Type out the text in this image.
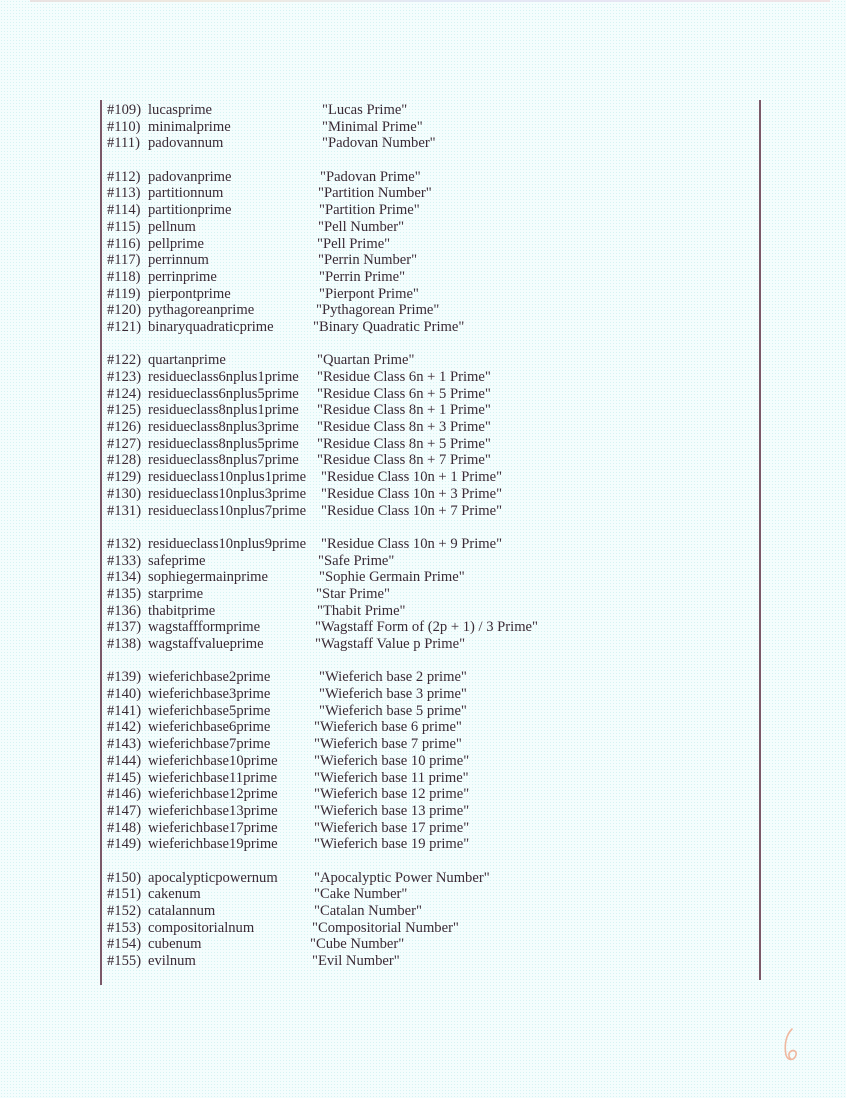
#109) lucasprime	"Lucas Prime"
#110) minimalprime	"Minimal Prime"
#111) padovannum	"Padovan Number"
#112) padovanprime	"Padovan Prime"
#113) partitionnum	"Partition Number"
#114) partitionprime	"Partition Prime"
#115) pellnum	"Pell Number"
#116) pellprime	"Pell Prime"
#117) perrinnum	"Perrin Number"
#118) perrinprime	"Perrin Prime"
#119) pierpontprime	"Pierpont Prime"
#120) pythagoreanprime	"Pythagorean Prime"
#121) binaryquadraticprime	"Binary Quadratic Prime"
#122) quartanprime	"Quartan Prime"
#123) residueclass6nplus1prime "Residue Class 6n + 1 Prime"
#124) residueclass6nplus5prime "Residue Class 6n + 5 Prime"
#125) residueclass8nplus1prime "Residue Class 8n + 1 Prime"
#126) residueclass8nplus3prime "Residue Class 8n + 3 Prime"
#127) residueclass8nplus5prime "Residue Class 8n + 5 Prime"
#128) residueclass8nplus7prime "Residue Class 8n + 7 Prime"
#129) residueclass10nplus1prime "Residue Class 10n + 1 Prime"
#130) residueclass10nplus3prime "Residue Class 10n + 3 Prime"
#131) residueclass10nplus7prime "Residue Class 10n + 7 Prime"
#132) residueclass10nplus9prime "Residue Class 10n + 9 Prime"
#133) safeprime	"Safe Prime"
#134) sophiegermainprime	"Sophie Germain Prime"
#135) starprime	"Star Prime"
#136) thabitprime	"Thabit Prime"
#137) wagstaffformprime	"Wagstaff Form of (2p + 1) / 3 Prime"
#138) wagstaffvalueprime	"Wagstaff Value p Prime"
#139) wieferichbase2prime	"Wieferich base 2 prime"
#140) wieferichbase3prime	"Wieferich base 3 prime"
#141) wieferichbase5prime	"Wieferich base 5 prime"
#142) wieferichbase6prime	"Wieferich base 6 prime"
#143) wieferichbase7prime	"Wieferich base 7 prime"
#144) wieferichbase10prime "Wieferich base 10 prime"
#145) wieferichbase11prime	"Wieferich base 11 prime"
#146) wieferichbase12prime "Wieferich base 12 prime"
#147) wieferichbase13prime "Wieferich base 13 prime"
#148) wieferichbase17prime "Wieferich base 17 prime"
#149) wieferichbase19prime "Wieferich base 19 prime"
#150) apocalypticpowernum "Apocalyptic Power Number"
#151) cakenum	"Cake Number"
#152) catalannum	"Catalan Number"
#153) compositorialnum	"Compositorial Number"
#154) cubenum	"Cube Number"
#155) evilnum	"Evil Number"
